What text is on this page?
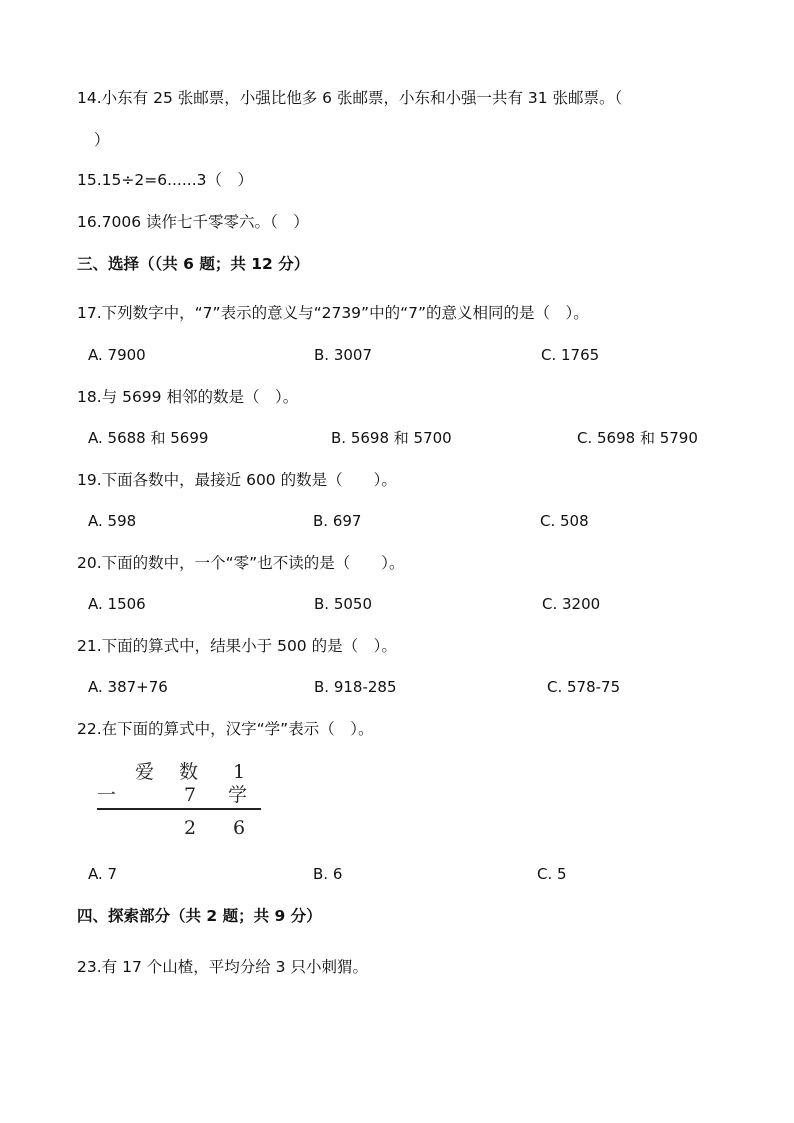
14.小东有 25 张邮票，小强比他多 6 张邮票，小东和小强一共有 31 张邮票。（
）
15.15÷2=6......3（　）
16.7006 读作七千零零六。（　）
三、选择（（共 6 题；共 12 分）
17.下列数字中，“7”表示的意义与“2739”中的“7”的意义相同的是（　）。
A. 7900	B. 3007	C. 1765
18.与 5699 相邻的数是（　）。
A. 5688 和 5699	B. 5698 和 5700	C. 5698 和 5790
19.下面各数中，最接近 600 的数是（　　）。
A. 598	B. 697	C. 508
20.下面的数中，一个“零”也不读的是（　　）。
A. 1506	B. 5050	C. 3200
21.下面的算式中，结果小于 500 的是（　）。
A. 387+76	B. 918-285	C. 578-75
22.在下面的算式中，汉字“学”表示（　）。
爱 数 1
一	7 学
2 6
A. 7	B. 6	C. 5
四、探索部分（共 2 题；共 9 分）
23.有 17 个山楂，平均分给 3 只小刺猬。
